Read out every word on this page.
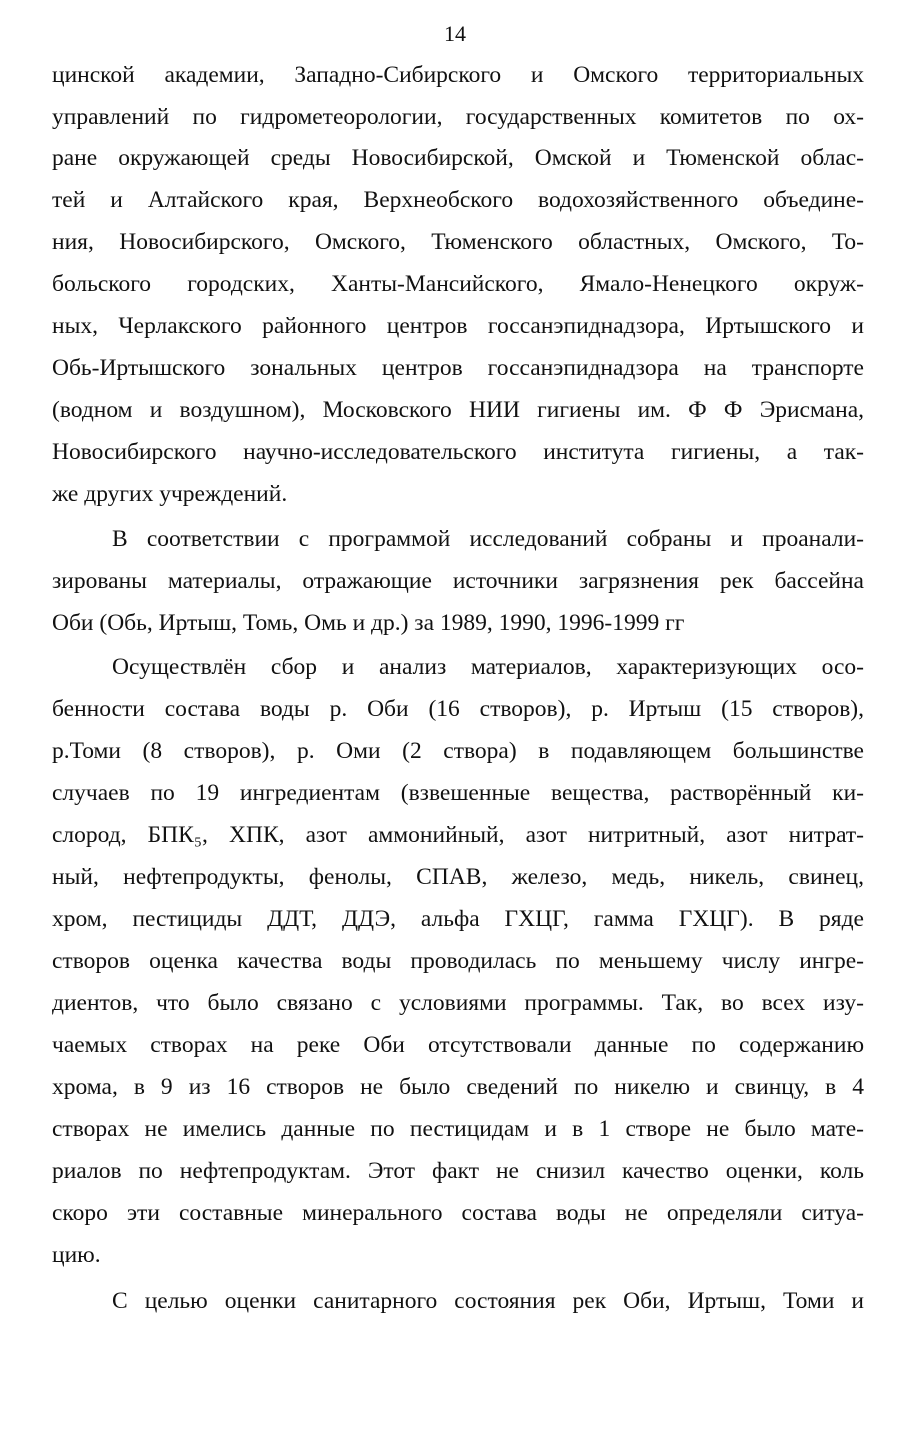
14
цинской академии, Западно-Сибирского и Омского территориальных
управлений по гидрометеорологии, государственных комитетов по ох-
ране окружающей среды Новосибирской, Омской и Тюменской облас-
тей и Алтайского края, Верхнеобского водохозяйственного объедине-
ния, Новосибирского, Омского, Тюменского областных, Омского, То-
больского городских, Ханты-Мансийского, Ямало-Ненецкого окруж-
ных, Черлакского районного центров госсанэпиднадзора, Иртышского и
Обь-Иртышского зональных центров госсанэпиднадзора на транспорте
(водном и воздушном), Московского НИИ гигиены им. Ф Ф Эрисмана,
Новосибирского научно-исследовательского института гигиены, а так-
же других учреждений.
В соответствии с программой исследований собраны и проанали-
зированы материалы, отражающие источники загрязнения рек бассейна
Оби (Обь, Иртыш, Томь, Омь и др.) за 1989, 1990, 1996-1999 гг
Осуществлён сбор и анализ материалов, характеризующих осо-
бенности состава воды р. Оби (16 створов), р. Иртыш (15 створов),
р.Томи (8 створов), р. Оми (2 створа) в подавляющем большинстве
случаев по 19 ингредиентам (взвешенные вещества, растворённый ки-
слород, БПК₅, ХПК, азот аммонийный, азот нитритный, азот нитрат-
ный, нефтепродукты, фенолы, СПАВ, железо, медь, никель, свинец,
хром, пестициды ДДТ, ДДЭ, альфа ГХЦГ, гамма ГХЦГ). В ряде
створов оценка качества воды проводилась по меньшему числу ингре-
диентов, что было связано с условиями программы. Так, во всех изу-
чаемых створах на реке Оби отсутствовали данные по содержанию
хрома, в 9 из 16 створов не было сведений по никелю и свинцу, в 4
створах не имелись данные по пестицидам и в 1 створе не было мате-
риалов по нефтепродуктам. Этот факт не снизил качество оценки, коль
скоро эти составные минерального состава воды не определяли ситуа-
цию.
С целью оценки санитарного состояния рек Оби, Иртыш, Томи и
